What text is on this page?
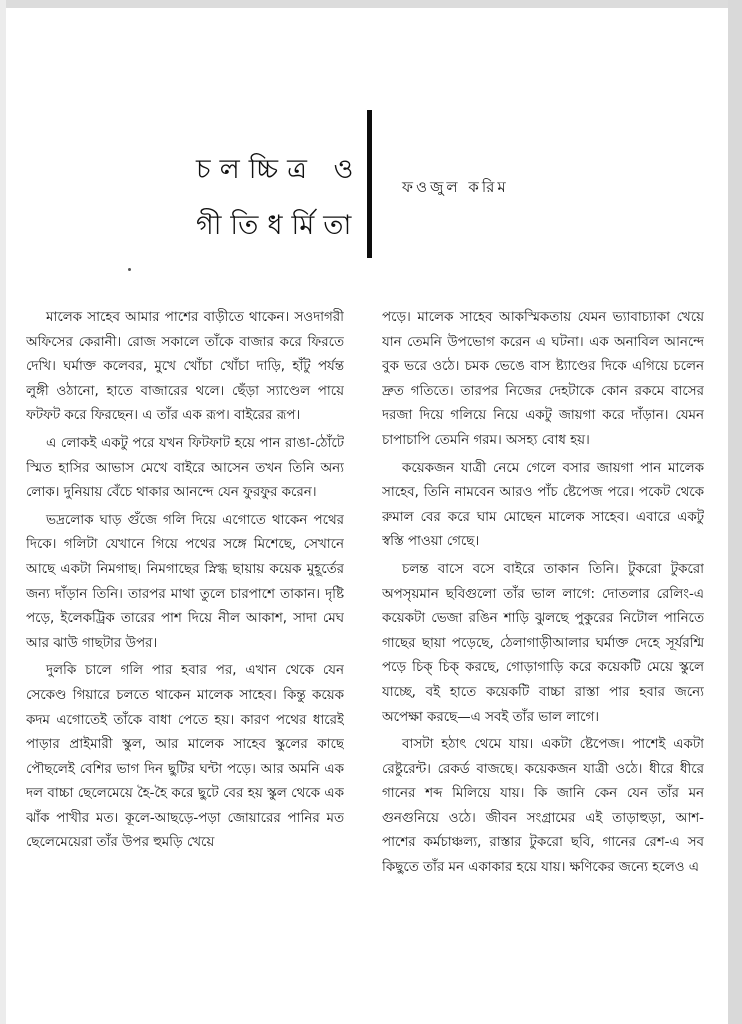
চলচ্চিত্র ও
গীতিধর্মিতা
ফওজুল করিম

মালেক সাহেব আমার পাশের বাড়ীতে থাকেন। সওদাগরী অফিসের কেরানী। রোজ সকালে তাঁকে বাজার করে ফিরতে দেখি। ঘর্মাক্ত কলেবর, মুখে খোঁচা খোঁচা দাড়ি, হাঁটু পর্যন্ত লুঙ্গী ওঠানো, হাতে বাজারের থলে। ছেঁড়া স্যাণ্ডেল পায়ে ফটফট করে ফিরছেন। এ তাঁর এক রূপ। বাইরের রূপ।

এ লোকই একটু পরে যখন ফিটফাট হয়ে পান রাঙা-ঠোঁটে স্মিত হাসির আভাস মেখে বাইরে আসেন তখন তিনি অন্য লোক। দুনিয়ায় বেঁচে থাকার আনন্দে যেন ফুরফুর করেন।

ভদ্রলোক ঘাড় গুঁজে গলি দিয়ে এগোতে থাকেন পথের দিকে। গলিটা যেখানে গিয়ে পথের সঙ্গে মিশেছে, সেখানে আছে একটা নিমগাছ। নিমগাছের স্নিগ্ধ ছায়ায় কয়েক মুহূর্তের জন্য দাঁড়ান তিনি। তারপর মাথা তুলে চারপাশে তাকান। দৃষ্টি পড়ে, ইলেকট্রিক তারের পাশ দিয়ে নীল আকাশ, সাদা মেঘ আর ঝাউ গাছটার উপর।

দুলকি চালে গলি পার হবার পর, এখান থেকে যেন সেকেণ্ড গিয়ারে চলতে থাকেন মালেক সাহেব। কিন্তু কয়েক কদম এগোতেই তাঁকে বাধা পেতে হয়। কারণ পথের ধারেই পাড়ার প্রাইমারী স্কুল, আর মালেক সাহেব স্কুলের কাছে পৌছলেই বেশির ভাগ দিন ছুটির ঘন্টা পড়ে। আর অমনি এক দল বাচ্চা ছেলেমেয়ে হৈ-হৈ করে ছুটে বের হয় স্কুল থেকে এক ঝাঁক পাখীর মত। কূলে-আছড়ে-পড়া জোয়ারের পানির মত ছেলেমেয়েরা তাঁর উপর হুমড়ি খেয়ে

পড়ে। মালেক সাহেব আকস্মিকতায় যেমন ভ্যাবাচ্যাকা খেয়ে যান তেমনি উপভোগ করেন এ ঘটনা। এক অনাবিল আনন্দে বুক ভরে ওঠে। চমক ভেঙে বাস ষ্ট্যাণ্ডের দিকে এগিয়ে চলেন দ্রুত গতিতে। তারপর নিজের দেহটাকে কোন রকমে বাসের দরজা দিয়ে গলিয়ে নিয়ে একটু জায়গা করে দাঁড়ান। যেমন চাপাচাপি তেমনি গরম। অসহ্য বোধ হয়।

কয়েকজন যাত্রী নেমে গেলে বসার জায়গা পান মালেক সাহেব, তিনি নামবেন আরও পাঁচ ষ্টেপেজ পরে। পকেট থেকে রুমাল বের করে ঘাম মোছেন মালেক সাহেব। এবারে একটু স্বস্তি পাওয়া গেছে।

চলন্ত বাসে বসে বাইরে তাকান তিনি। টুকরো টুকরো অপসৃয়মান ছবিগুলো তাঁর ভাল লাগে: দোতলার রেলিং-এ কয়েকটা ভেজা রঙিন শাড়ি ঝুলছে পুকুরের নিটোল পানিতে গাছের ছায়া পড়েছে, ঠেলাগাড়ীআলার ঘর্মাক্ত দেহে সূর্যরশ্মি পড়ে চিক্ চিক্ করছে, গোড়াগাড়ি করে কয়েকটি মেয়ে স্কুলে যাচ্ছে, বই হাতে কয়েকটি বাচ্চা রাস্তা পার হবার জন্যে অপেক্ষা করছে—এ সবই তাঁর ভাল লাগে।

বাসটা হঠাৎ থেমে যায়। একটা ষ্টেপেজ। পাশেই একটা রেষ্টুরেন্ট। রেকর্ড বাজছে। কয়েকজন যাত্রী ওঠে। ধীরে ধীরে গানের শব্দ মিলিয়ে যায়। কি জানি কেন যেন তাঁর মন গুনগুনিয়ে ওঠে। জীবন সংগ্রামের এই তাড়াহুড়া, আশ-পাশের কর্মচাঞ্চল্য, রাস্তার টুকরো ছবি, গানের রেশ-এ সব কিছুতে তাঁর মন একাকার হয়ে যায়। ক্ষণিকের জন্যে হলেও এ
